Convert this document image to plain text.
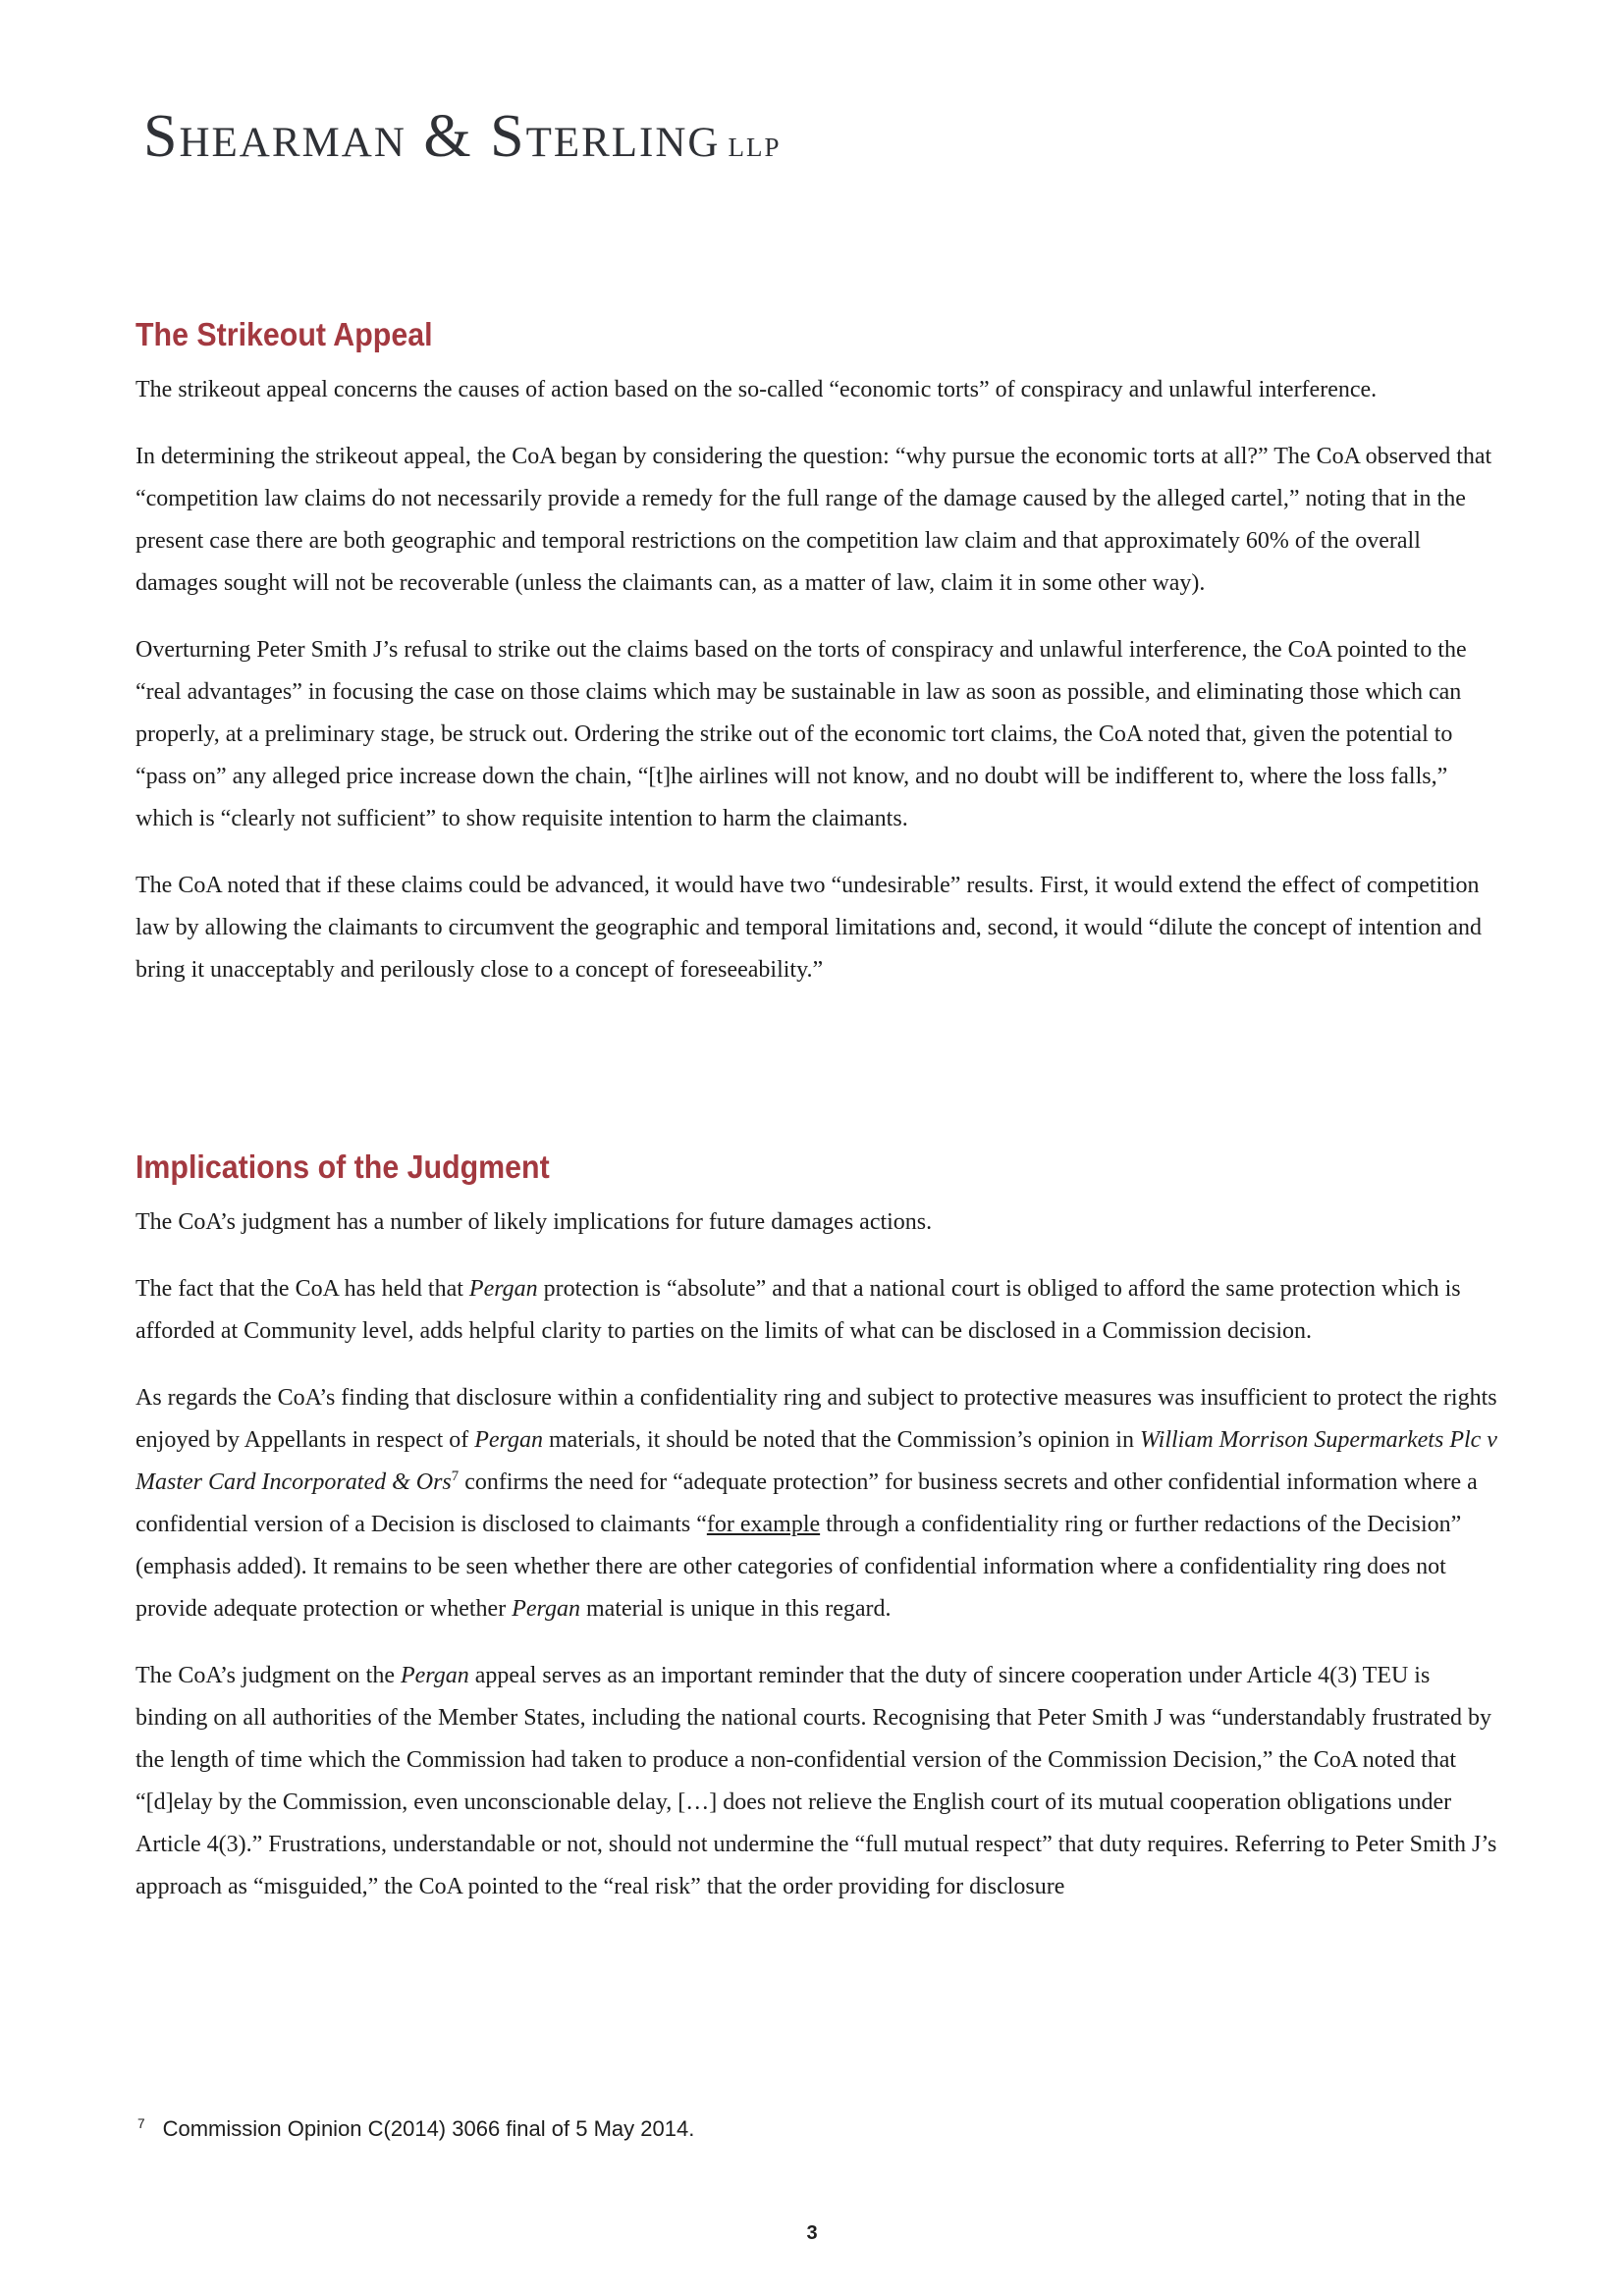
Shearman & Sterling LLP
The Strikeout Appeal

The strikeout appeal concerns the causes of action based on the so-called “economic torts” of conspiracy and unlawful interference.

In determining the strikeout appeal, the CoA began by considering the question: “why pursue the economic torts at all?” The CoA observed that “competition law claims do not necessarily provide a remedy for the full range of the damage caused by the alleged cartel,” noting that in the present case there are both geographic and temporal restrictions on the competition law claim and that approximately 60% of the overall damages sought will not be recoverable (unless the claimants can, as a matter of law, claim it in some other way).

Overturning Peter Smith J’s refusal to strike out the claims based on the torts of conspiracy and unlawful interference, the CoA pointed to the “real advantages” in focusing the case on those claims which may be sustainable in law as soon as possible, and eliminating those which can properly, at a preliminary stage, be struck out. Ordering the strike out of the economic tort claims, the CoA noted that, given the potential to “pass on” any alleged price increase down the chain, “[t]he airlines will not know, and no doubt will be indifferent to, where the loss falls,” which is “clearly not sufficient” to show requisite intention to harm the claimants.

The CoA noted that if these claims could be advanced, it would have two “undesirable” results. First, it would extend the effect of competition law by allowing the claimants to circumvent the geographic and temporal limitations and, second, it would “dilute the concept of intention and bring it unacceptably and perilously close to a concept of foreseeability.”

Implications of the Judgment

The CoA’s judgment has a number of likely implications for future damages actions.

The fact that the CoA has held that Pergan protection is “absolute” and that a national court is obliged to afford the same protection which is afforded at Community level, adds helpful clarity to parties on the limits of what can be disclosed in a Commission decision.

As regards the CoA’s finding that disclosure within a confidentiality ring and subject to protective measures was insufficient to protect the rights enjoyed by Appellants in respect of Pergan materials, it should be noted that the Commission’s opinion in William Morrison Supermarkets Plc v Master Card Incorporated & Ors$^7$ confirms the need for “adequate protection” for business secrets and other confidential information where a confidential version of a Decision is disclosed to claimants “for example through a confidentiality ring or further redactions of the Decision” (emphasis added). It remains to be seen whether there are other categories of confidential information where a confidentiality ring does not provide adequate protection or whether Pergan material is unique in this regard.

The CoA’s judgment on the Pergan appeal serves as an important reminder that the duty of sincere cooperation under Article 4(3) TEU is binding on all authorities of the Member States, including the national courts. Recognising that Peter Smith J was “understandably frustrated by the length of time which the Commission had taken to produce a non-confidential version of the Commission Decision,” the CoA noted that “[d]elay by the Commission, even unconscionable delay, […] does not relieve the English court of its mutual cooperation obligations under Article 4(3).” Frustrations, understandable or not, should not undermine the “full mutual respect” that duty requires. Referring to Peter Smith J’s approach as “misguided,” the CoA pointed to the “real risk” that the order providing for disclosure

$^7$ Commission Opinion C(2014) 3066 final of 5 May 2014.
3
